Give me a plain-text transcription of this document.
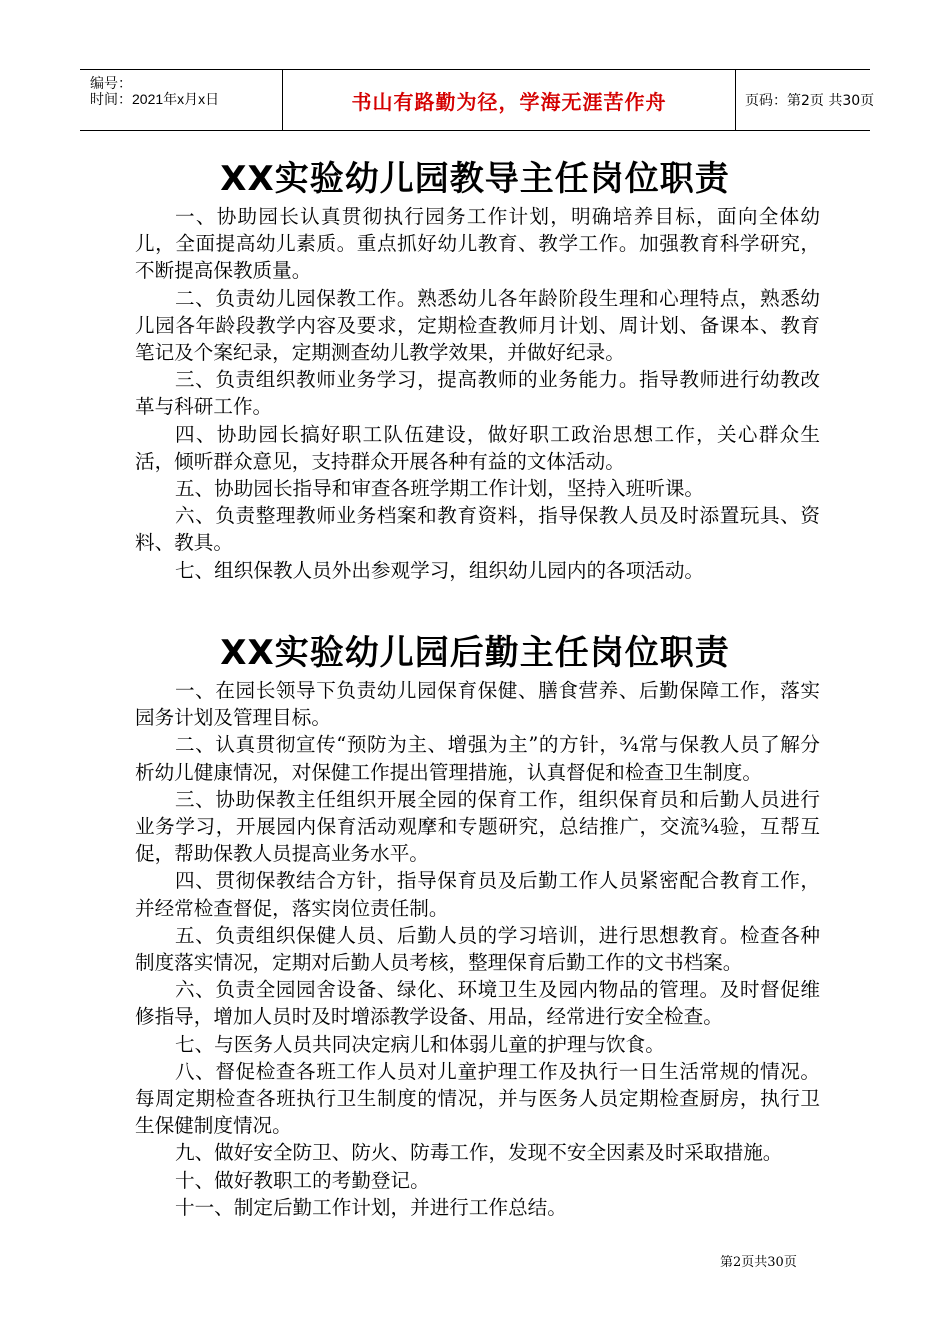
编号：
时间：2021年x月x日	书山有路勤为径，学海无涯苦作舟	页码：第2页 共30页
XX实验幼儿园教导主任岗位职责

一、协助园长认真贯彻执行园务工作计划，明确培养目标，面向全体幼儿，全面提高幼儿素质。重点抓好幼儿教育、教学工作。加强教育科学研究，不断提高保教质量。

二、负责幼儿园保教工作。熟悉幼儿各年龄阶段生理和心理特点，熟悉幼儿园各年龄段教学内容及要求，定期检查教师月计划、周计划、备课本、教育笔记及个案纪录，定期测查幼儿教学效果，并做好纪录。

三、负责组织教师业务学习，提高教师的业务能力。指导教师进行幼教改革与科研工作。

四、协助园长搞好职工队伍建设，做好职工政治思想工作，关心群众生活，倾听群众意见，支持群众开展各种有益的文体活动。

五、协助园长指导和审查各班学期工作计划，坚持入班听课。

六、负责整理教师业务档案和教育资料，指导保教人员及时添置玩具、资料、教具。

七、组织保教人员外出参观学习，组织幼儿园内的各项活动。

XX实验幼儿园后勤主任岗位职责

一、在园长领导下负责幼儿园保育保健、膳食营养、后勤保障工作，落实园务计划及管理目标。

二、认真贯彻宣传“预防为主、增强为主”的方针，¾常与保教人员了解分析幼儿健康情况，对保健工作提出管理措施，认真督促和检查卫生制度。

三、协助保教主任组织开展全园的保育工作，组织保育员和后勤人员进行业务学习，开展园内保育活动观摩和专题研究，总结推广，交流¾验，互帮互促，帮助保教人员提高业务水平。

四、贯彻保教结合方针，指导保育员及后勤工作人员紧密配合教育工作，并经常检查督促，落实岗位责任制。

五、负责组织保健人员、后勤人员的学习培训，进行思想教育。检查各种制度落实情况，定期对后勤人员考核，整理保育后勤工作的文书档案。

六、负责全园园舍设备、绿化、环境卫生及园内物品的管理。及时督促维修指导，增加人员时及时增添教学设备、用品，经常进行安全检查。

七、与医务人员共同决定病儿和体弱儿童的护理与饮食。

八、督促检查各班工作人员对儿童护理工作及执行一日生活常规的情况。每周定期检查各班执行卫生制度的情况，并与医务人员定期检查厨房，执行卫生保健制度情况。

九、做好安全防卫、防火、防毒工作，发现不安全因素及时采取措施。

十、做好教职工的考勤登记。

十一、制定后勤工作计划，并进行工作总结。

第2页共30页
